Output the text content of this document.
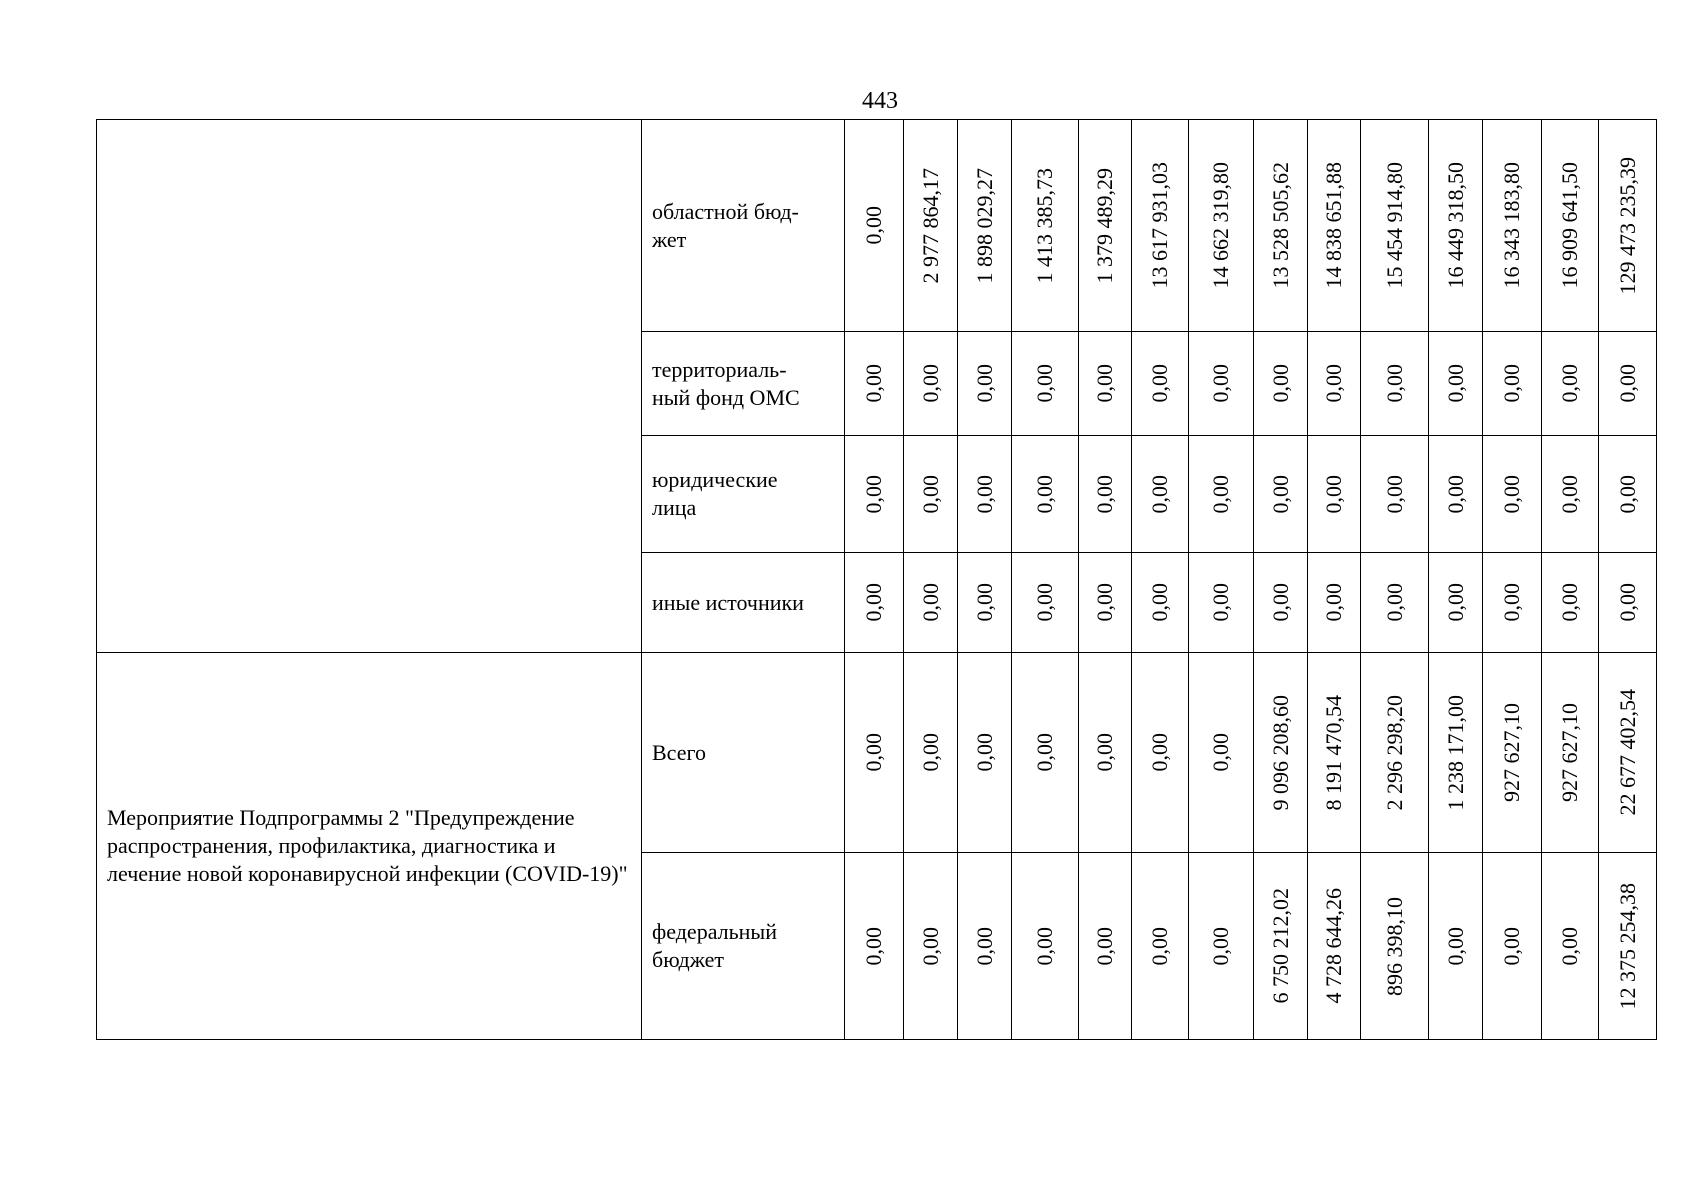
443
	областной бюд-
жет	0,00	2 977 864,17	1 898 029,27	1 413 385,73	1 379 489,29	13 617 931,03	14 662 319,80	13 528 505,62	14 838 651,88	15 454 914,80	16 449 318,50	16 343 183,80	16 909 641,50	129 473 235,39

	территориаль-
ный фонд ОМС	0,00	0,00	0,00	0,00	0,00	0,00	0,00	0,00	0,00	0,00	0,00	0,00	0,00	0,00

	юридические
лица	0,00	0,00	0,00	0,00	0,00	0,00	0,00	0,00	0,00	0,00	0,00	0,00	0,00	0,00

	иные источники	0,00	0,00	0,00	0,00	0,00	0,00	0,00	0,00	0,00	0,00	0,00	0,00	0,00	0,00

Мероприятие Подпрограммы 2 "Предупреждение распространения, профилактика, диагностика и лечение новой коронавирусной инфекции (COVID-19)"	Всего	0,00	0,00	0,00	0,00	0,00	0,00	0,00	9 096 208,60	8 191 470,54	2 296 298,20	1 238 171,00	927 627,10	927 627,10	22 677 402,54

	федеральный
бюджет	0,00	0,00	0,00	0,00	0,00	0,00	0,00	6 750 212,02	4 728 644,26	896 398,10	0,00	0,00	0,00	12 375 254,38
